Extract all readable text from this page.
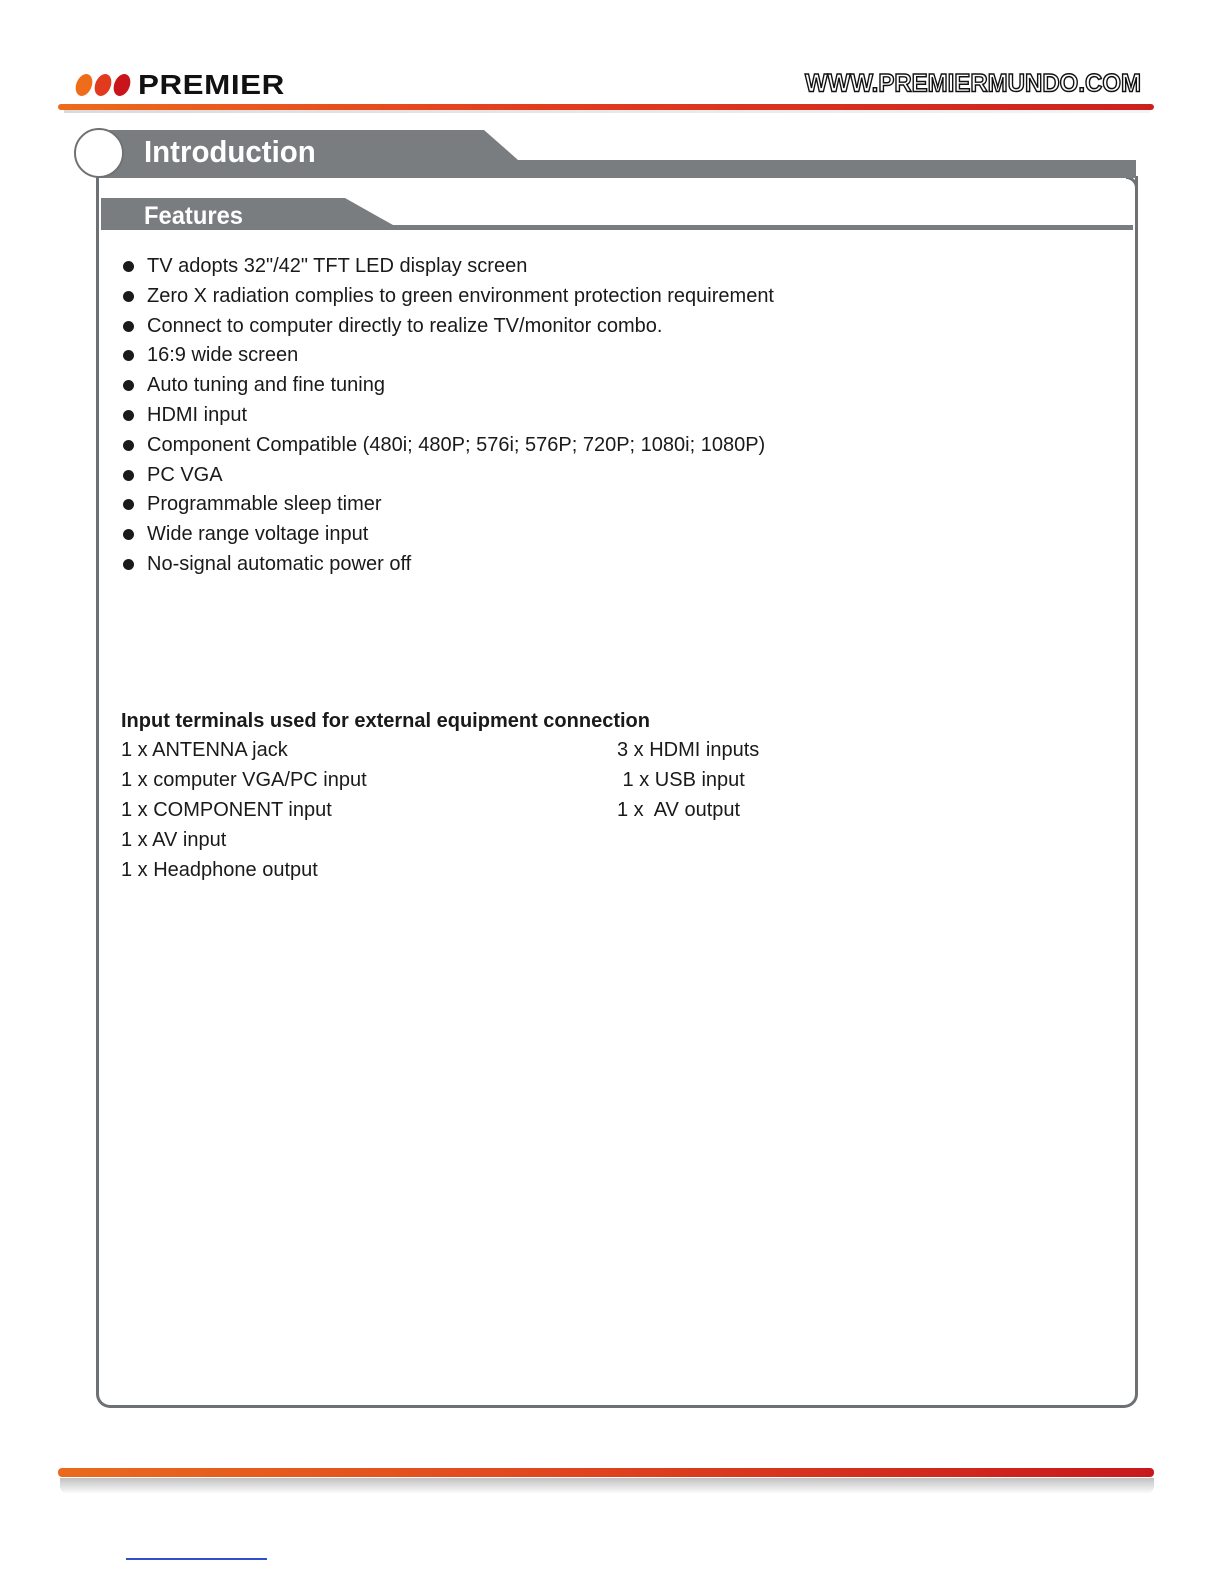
PREMIER	WWW.PREMIERMUNDO.COM
Introduction
Features
TV adopts 32"/42" TFT LED display screen
Zero X radiation complies to green environment protection requirement
Connect to computer directly to realize TV/monitor combo.
16:9 wide screen
Auto tuning and fine tuning
HDMI input
Component Compatible (480i; 480P; 576i; 576P; 720P; 1080i; 1080P)
PC VGA
Programmable sleep timer
Wide range voltage input
No-signal automatic power off
Input terminals used for external equipment connection
1 x ANTENNA jack
1 x computer VGA/PC input
1 x COMPONENT input
1 x AV input
1 x Headphone output
3 x HDMI inputs
1 x USB input
1 x  AV output
